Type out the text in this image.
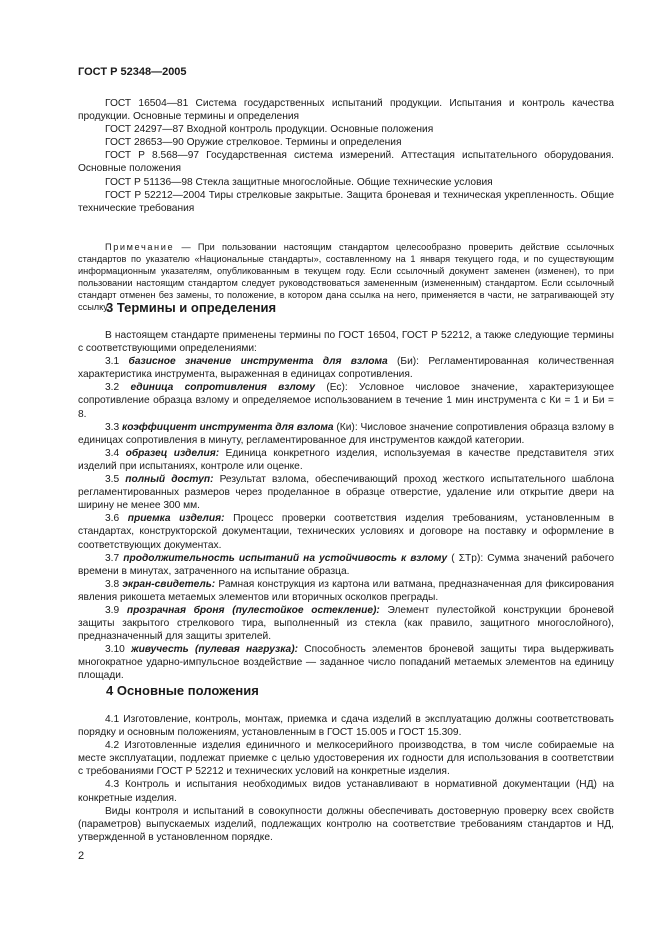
ГОСТ Р 52348—2005

ГОСТ 16504—81 Система государственных испытаний продукции. Испытания и контроль качества продукции. Основные термины и определения

ГОСТ 24297—87 Входной контроль продукции. Основные положения

ГОСТ 28653—90 Оружие стрелковое. Термины и определения

ГОСТ Р 8.568—97 Государственная система измерений. Аттестация испытательного оборудования. Основные положения

ГОСТ Р 51136—98 Стекла защитные многослойные. Общие технические условия

ГОСТ Р 52212—2004 Тиры стрелковые закрытые. Защита броневая и техническая укрепленность. Общие технические требования

Примечание — При пользовании настоящим стандартом целесообразно проверить действие ссылочных стандартов по указателю «Национальные стандарты», составленному на 1 января текущего года, и по существующим информационным указателям, опубликованным в текущем году. Если ссылочный документ заменен (изменен), то при пользовании настоящим стандартом следует руководствоваться замененным (измененным) стандартом. Если ссылочный стандарт отменен без замены, то положение, в котором дана ссылка на него, применяется в части, не затрагивающей эту ссылку.

3 Термины и определения

В настоящем стандарте применены термины по ГОСТ 16504, ГОСТ Р 52212, а также следующие термины с соответствующими определениями:

3.1 базисное значение инструмента для взлома (Би): Регламентированная количественная характеристика инструмента, выраженная в единицах сопротивления.

3.2 единица сопротивления взлому (Ес): Условное числовое значение, характеризующее сопротивление образца взлому и определяемое использованием в течение 1 мин инструмента с Ки = 1 и Би = 8.

3.3 коэффициент инструмента для взлома (Ки): Числовое значение сопротивления образца взлому в единицах сопротивления в минуту, регламентированное для инструментов каждой категории.

3.4 образец изделия: Единица конкретного изделия, используемая в качестве представителя этих изделий при испытаниях, контроле или оценке.

3.5 полный доступ: Результат взлома, обеспечивающий проход жесткого испытательного шаблона регламентированных размеров через проделанное в образце отверстие, удаление или открытие двери на ширину не менее 300 мм.

3.6 приемка изделия: Процесс проверки соответствия изделия требованиям, установленным в стандартах, конструкторской документации, технических условиях и договоре на поставку и оформление в соответствующих документах.

3.7 продолжительность испытаний на устойчивость к взлому ( ΣTр): Сумма значений рабочего времени в минутах, затраченного на испытание образца.

3.8 экран-свидетель: Рамная конструкция из картона или ватмана, предназначенная для фиксирования явления рикошета метаемых элементов или вторичных осколков преграды.

3.9 прозрачная броня (пулестойкое остекление): Элемент пулестойкой конструкции броневой защиты закрытого стрелкового тира, выполненный из стекла (как правило, защитного многослойного), предназначенный для защиты зрителей.

3.10 живучесть (пулевая нагрузка): Способность элементов броневой защиты тира выдерживать многократное ударно-импульсное воздействие — заданное число попаданий метаемых элементов на единицу площади.

4 Основные положения

4.1 Изготовление, контроль, монтаж, приемка и сдача изделий в эксплуатацию должны соответствовать порядку и основным положениям, установленным в ГОСТ 15.005 и ГОСТ 15.309.

4.2 Изготовленные изделия единичного и мелкосерийного производства, в том числе собираемые на месте эксплуатации, подлежат приемке с целью удостоверения их годности для использования в соответствии с требованиями ГОСТ Р 52212 и технических условий на конкретные изделия.

4.3 Контроль и испытания необходимых видов устанавливают в нормативной документации (НД) на конкретные изделия.

Виды контроля и испытаний в совокупности должны обеспечивать достоверную проверку всех свойств (параметров) выпускаемых изделий, подлежащих контролю на соответствие требованиям стандартов и НД, утвержденной в установленном порядке.

2
